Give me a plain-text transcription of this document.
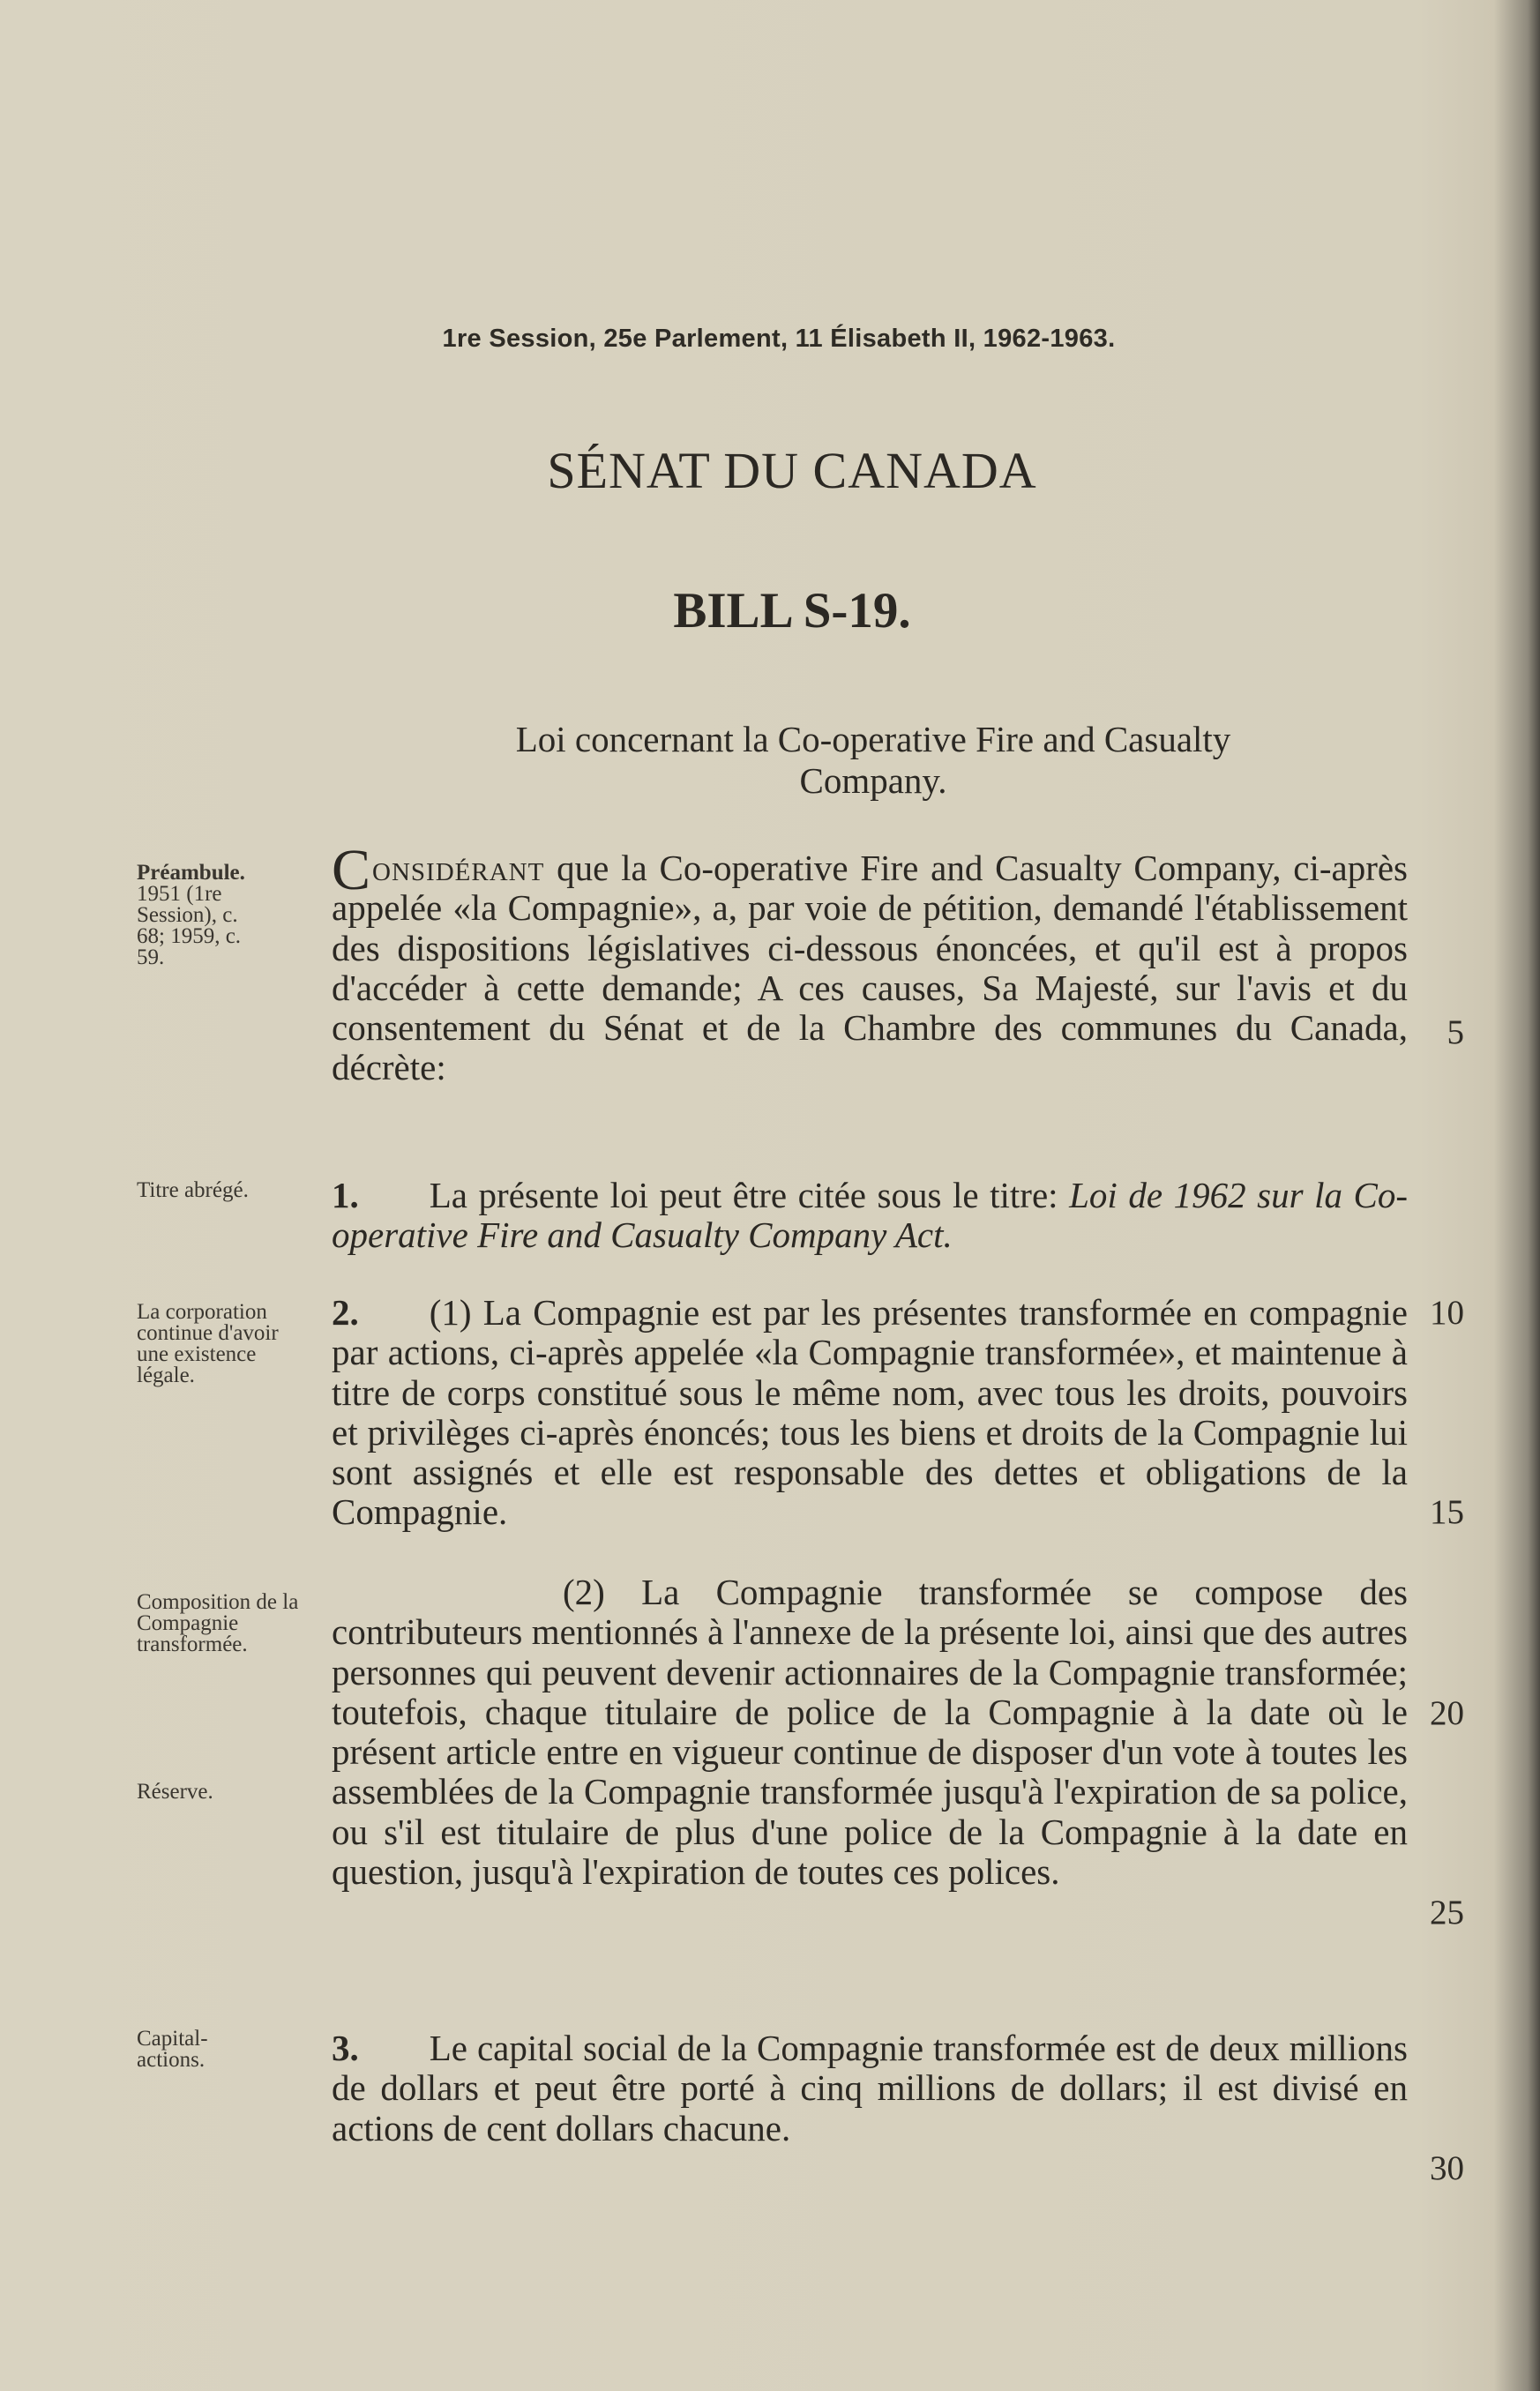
1re Session, 25e Parlement, 11 Élisabeth II, 1962-1963.
SÉNAT DU CANADA
BILL S-19.
Loi concernant la Co-operative Fire and Casualty Company.
Préambule.
1951 (1re Session), c. 68; 1959, c. 59.
Titre abrégé.
La corporation continue d'avoir une existence légale.
Composition de la Compagnie transformée.
Réserve.
Capital-actions.
Considérant que la Co-operative Fire and Casualty Company, ci-après appelée «la Compagnie», a, par voie de pétition, demandé l'établissement des dispositions législatives ci-dessous énoncées, et qu'il est à propos d'accéder à cette demande; A ces causes, Sa Majesté, sur l'avis et du consentement du Sénat et de la Chambre des communes du Canada, décrète:
1. La présente loi peut être citée sous le titre: Loi de 1962 sur la Co-operative Fire and Casualty Company Act.
2. (1) La Compagnie est par les présentes transformée en compagnie par actions, ci-après appelée «la Compagnie transformée», et maintenue à titre de corps constitué sous le même nom, avec tous les droits, pouvoirs et privilèges ci-après énoncés; tous les biens et droits de la Compagnie lui sont assignés et elle est responsable des dettes et obligations de la Compagnie.
(2) La Compagnie transformée se compose des contributeurs mentionnés à l'annexe de la présente loi, ainsi que des autres personnes qui peuvent devenir actionnaires de la Compagnie transformée; toutefois, chaque titulaire de police de la Compagnie à la date où le présent article entre en vigueur continue de disposer d'un vote à toutes les assemblées de la Compagnie transformée jusqu'à l'expiration de sa police, ou s'il est titulaire de plus d'une police de la Compagnie à la date en question, jusqu'à l'expiration de toutes ces polices.
3. Le capital social de la Compagnie transformée est de deux millions de dollars et peut être porté à cinq millions de dollars; il est divisé en actions de cent dollars chacune.
5
10
15
20
25
30
